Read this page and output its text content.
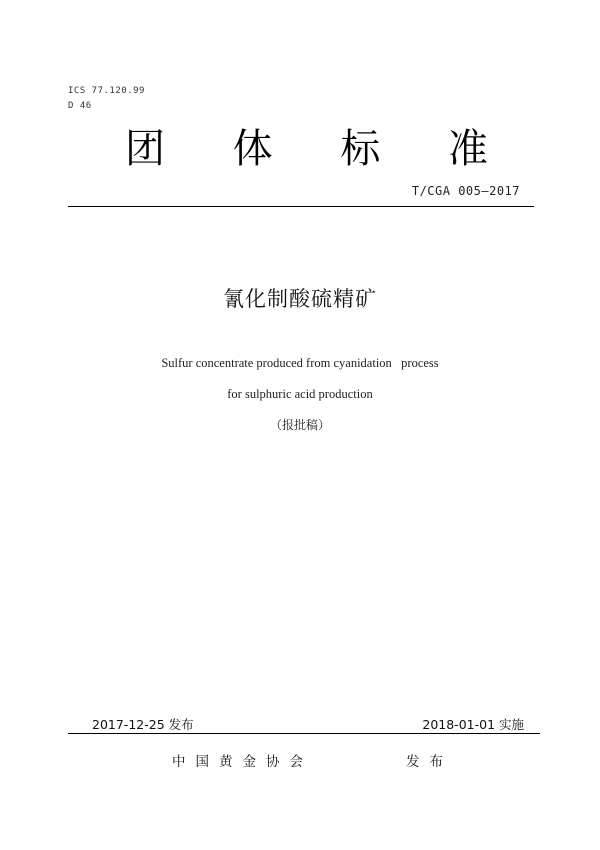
ICS 77.120.99
D 46
团 体 标 准
T/CGA 005—2017
氰化制酸硫精矿
Sulfur concentrate produced from cyanidation   process
for sulphuric acid production
（报批稿）
2017-12-25 发布	2018-01-01 实施
中国黄金协会	发布
